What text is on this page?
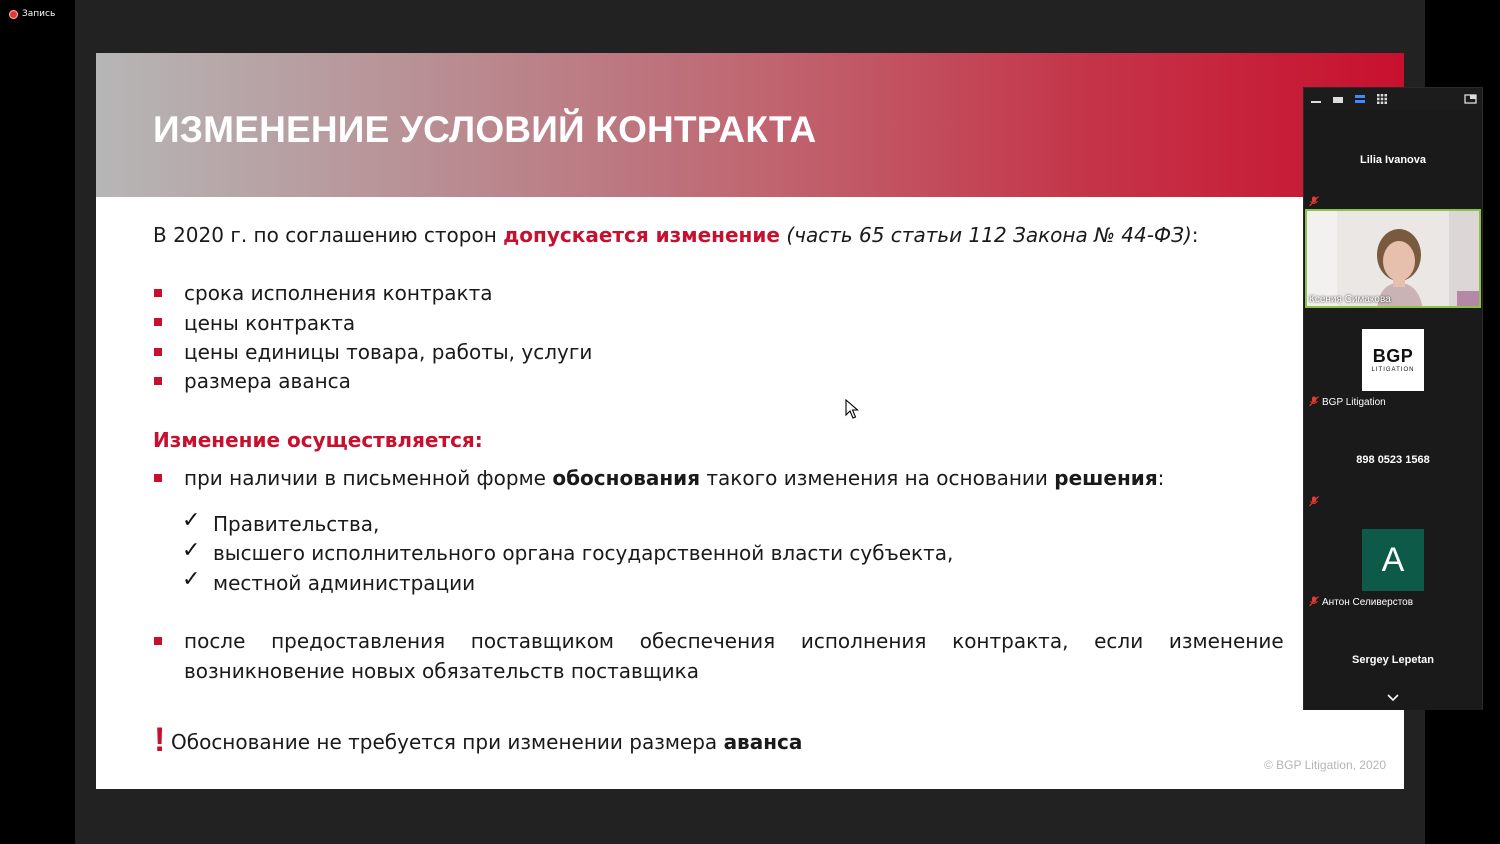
Запись
ИЗМЕНЕНИЕ УСЛОВИЙ КОНТРАКТА
В 2020 г. по соглашению сторон допускается изменение (часть 65 статьи 112 Закона № 44-ФЗ):
срока исполнения контракта
цены контракта
цены единицы товара, работы, услуги
размера аванса
Изменение осуществляется:
при наличии в письменной форме обоснования такого изменения на основании решения:
✓ Правительства,
✓ высшего исполнительного органа государственной власти субъекта,
✓ местной администрации
после предоставления поставщиком обеспечения исполнения контракта, если изменение
возникновение новых обязательств поставщика
! Обоснование не требуется при изменении размера аванса
© BGP Litigation, 2020
Lilia Ivanova
Ксения Симакова
BGP
LITIGATION
BGP Litigation
898 0523 1568
A
Антон Селиверстов
Sergey Lepetan
